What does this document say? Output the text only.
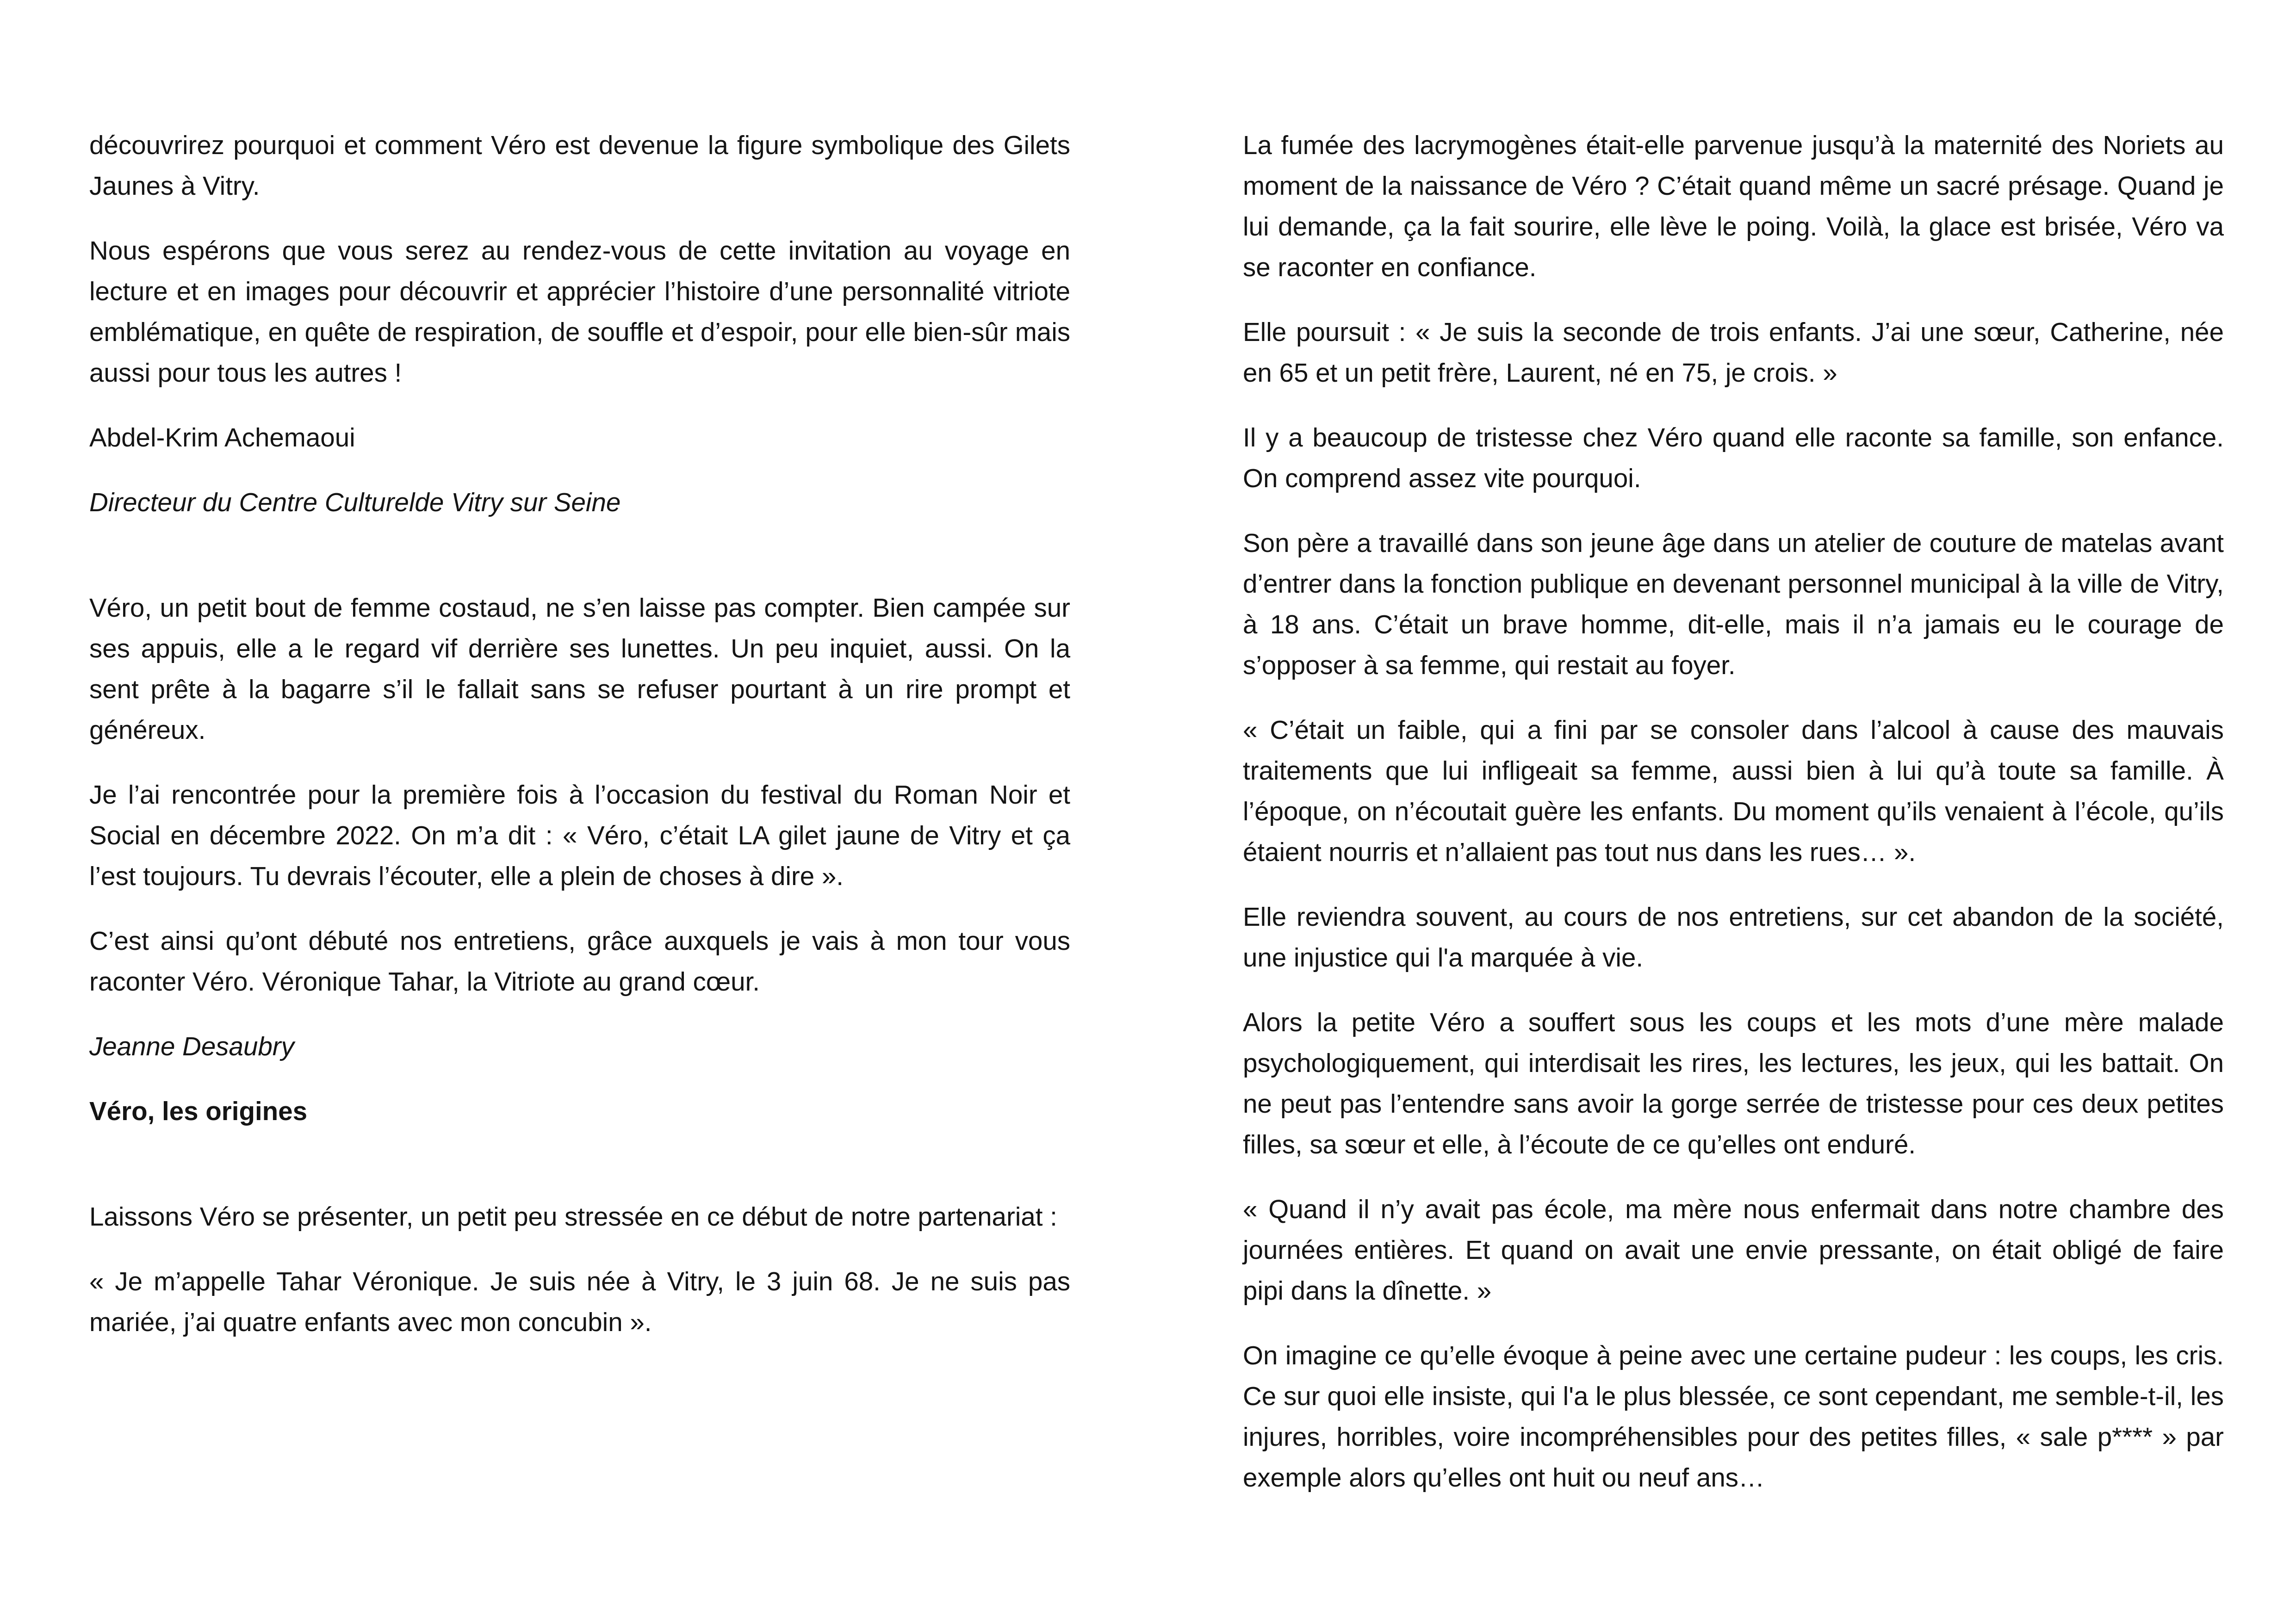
découvrirez pourquoi et comment Véro est devenue la figure symbolique des Gilets Jaunes à Vitry.

Nous espérons que vous serez au rendez-vous de cette invitation au voyage en lecture et en images pour découvrir et apprécier l’histoire d’une personnalité vitriote emblématique, en quête de respiration, de souffle et d’espoir, pour elle bien-sûr mais aussi pour tous les autres !

Abdel-Krim Achemaoui

Directeur du Centre Culturelde Vitry sur Seine

Véro, un petit bout de femme costaud, ne s’en laisse pas compter. Bien campée sur ses appuis, elle a le regard vif derrière ses lunettes. Un peu inquiet, aussi. On la sent prête à la bagarre s’il le fallait sans se refuser pourtant à un rire prompt et généreux.

Je l’ai rencontrée pour la première fois à l’occasion du festival du Roman Noir et Social en décembre 2022. On m’a dit : « Véro, c’était LA gilet jaune de Vitry et ça l’est toujours. Tu devrais l’écouter, elle a plein de choses à dire ».

C’est ainsi qu’ont débuté nos entretiens, grâce auxquels je vais à mon tour vous raconter Véro. Véronique Tahar, la Vitriote au grand cœur.

Jeanne Desaubry

Véro, les origines

Laissons Véro se présenter, un petit peu stressée en ce début de notre partenariat :

« Je m’appelle Tahar Véronique. Je suis née à Vitry, le 3 juin 68. Je ne suis pas mariée, j’ai quatre enfants avec mon concubin ».

La fumée des lacrymogènes était-elle parvenue jusqu’à la maternité des Noriets au moment de la naissance de Véro ? C’était quand même un sacré présage. Quand je lui demande, ça la fait sourire, elle lève le poing. Voilà, la glace est brisée, Véro va se raconter en confiance.

Elle poursuit : « Je suis la seconde de trois enfants. J’ai une sœur, Catherine, née en 65 et un petit frère, Laurent, né en 75, je crois. »

Il y a beaucoup de tristesse chez Véro quand elle raconte sa famille, son enfance. On comprend assez vite pourquoi.

Son père a travaillé dans son jeune âge dans un atelier de couture de matelas avant d’entrer dans la fonction publique en devenant personnel municipal à la ville de Vitry, à 18 ans. C’était un brave homme, dit-elle, mais il n’a jamais eu le courage de s’opposer à sa femme, qui restait au foyer.

« C’était un faible, qui a fini par se consoler dans l’alcool à cause des mauvais traitements que lui infligeait sa femme, aussi bien à lui qu’à toute sa famille. À l’époque, on n’écoutait guère les enfants. Du moment qu’ils venaient à l’école, qu’ils étaient nourris et n’allaient pas tout nus dans les rues… ».

Elle reviendra souvent, au cours de nos entretiens, sur cet abandon de la société, une injustice qui l'a marquée à vie.

Alors la petite Véro a souffert sous les coups et les mots d’une mère malade psychologiquement, qui interdisait les rires, les lectures, les jeux, qui les battait. On ne peut pas l’entendre sans avoir la gorge serrée de tristesse pour ces deux petites filles, sa sœur et elle, à l’écoute de ce qu’elles ont enduré.

« Quand il n’y avait pas école, ma mère nous enfermait dans notre chambre des journées entières. Et quand on avait une envie pressante, on était obligé de faire pipi dans la dînette. »

On imagine ce qu’elle évoque à peine avec une certaine pudeur : les coups, les cris. Ce sur quoi elle insiste, qui l'a le plus blessée, ce sont cependant, me semble-t-il, les injures, horribles, voire incompréhensibles pour des petites filles, « sale p**** » par exemple alors qu’elles ont huit ou neuf ans…
